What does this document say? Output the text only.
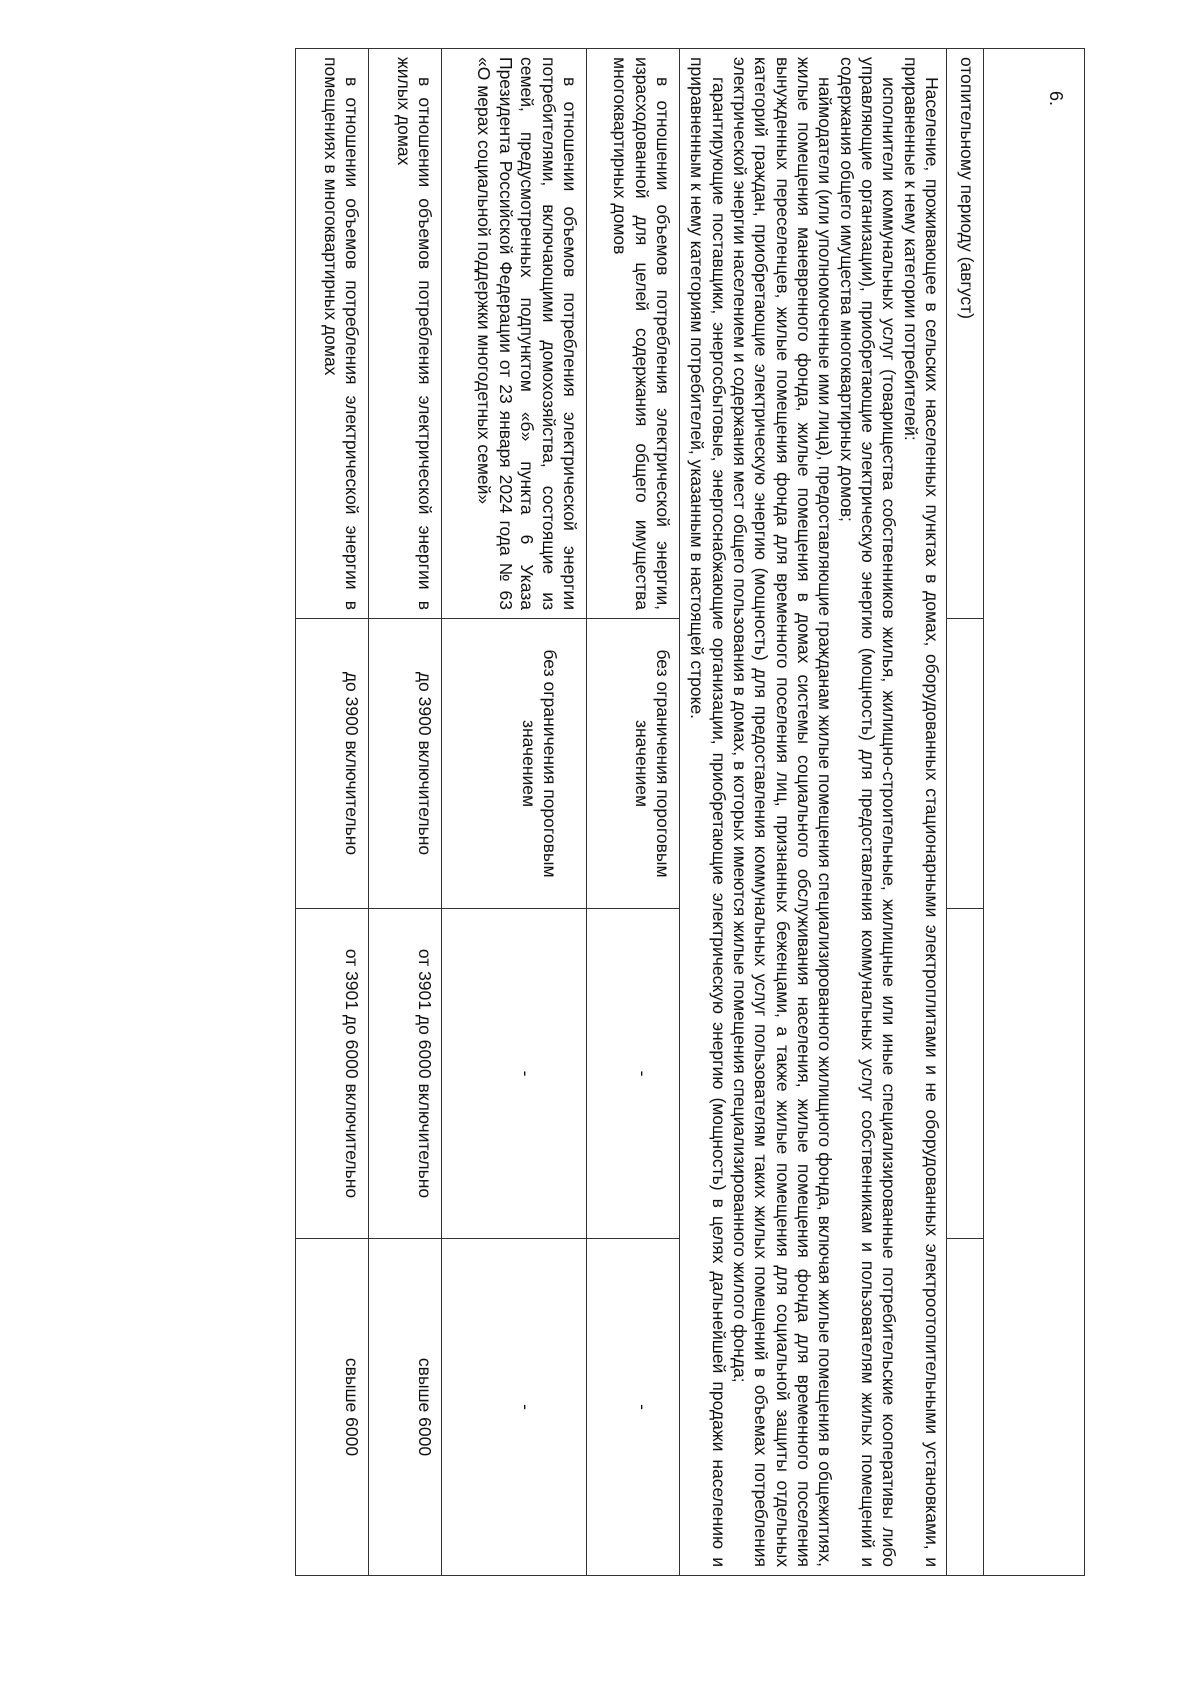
6.			

отопительному периоду (август)			

Население, проживающее в сельских населенных пунктах в домах, оборудованных стационарными электроплитами и не оборудованных электроотопительными установками, и приравненные к нему категории потребителей:

исполнители коммунальных услуг (товарищества собственников жилья, жилищно-строительные, жилищные или иные специализированные потребительские кооперативы либо управляющие организации), приобретающие электрическую энергию (мощность) для предоставления коммунальных услуг собственникам и пользователям жилых помещений и содержания общего имущества многоквартирных домов;

наймодатели (или уполномоченные ими лица), предоставляющие гражданам жилые помещения специализированного жилищного фонда, включая жилые помещения в общежитиях, жилые помещения маневренного фонда, жилые помещения в домах системы социального обслуживания населения, жилые помещения фонда для временного поселения вынужденных переселенцев, жилые помещения фонда для временного поселения лиц, признанных беженцами, а также жилые помещения для социальной защиты отдельных категорий граждан, приобретающие электрическую энергию (мощность) для предоставления коммунальных услуг пользователям таких жилых помещений в объемах потребления электрической энергии населением и содержания мест общего пользования в домах, в которых имеются жилые помещения специализированного жилого фонда;

гарантирующие поставщики, энергосбытовые, энергоснабжающие организации, приобретающие электрическую энергию (мощность) в целях дальнейшей продажи населению и приравненным к нему категориям потребителей, указанным в настоящей строке.			

в отношении объемов потребления электрической энергии, израсходованной для целей содержания общего имущества многоквартирных домов	без ограничения пороговым значением	-	-

в отношении объемов потребления электрической энергии потребителями, включающими домохозяйства, состоящие из семей, предусмотренных подпунктом «б» пункта 6 Указа Президента Российской Федерации от 23 января 2024 года № 63 «О мерах социальной поддержки многодетных семей»	без ограничения пороговым значением	-	-

в отношении объемов потребления электрической энергии в жилых домах	до 3900 включительно	от 3901 до 6000 включительно	свыше 6000

в отношении объемов потребления электрической энергии в помещениях в многоквартирных домах	до 3900 включительно	от 3901 до 6000 включительно	свыше 6000
